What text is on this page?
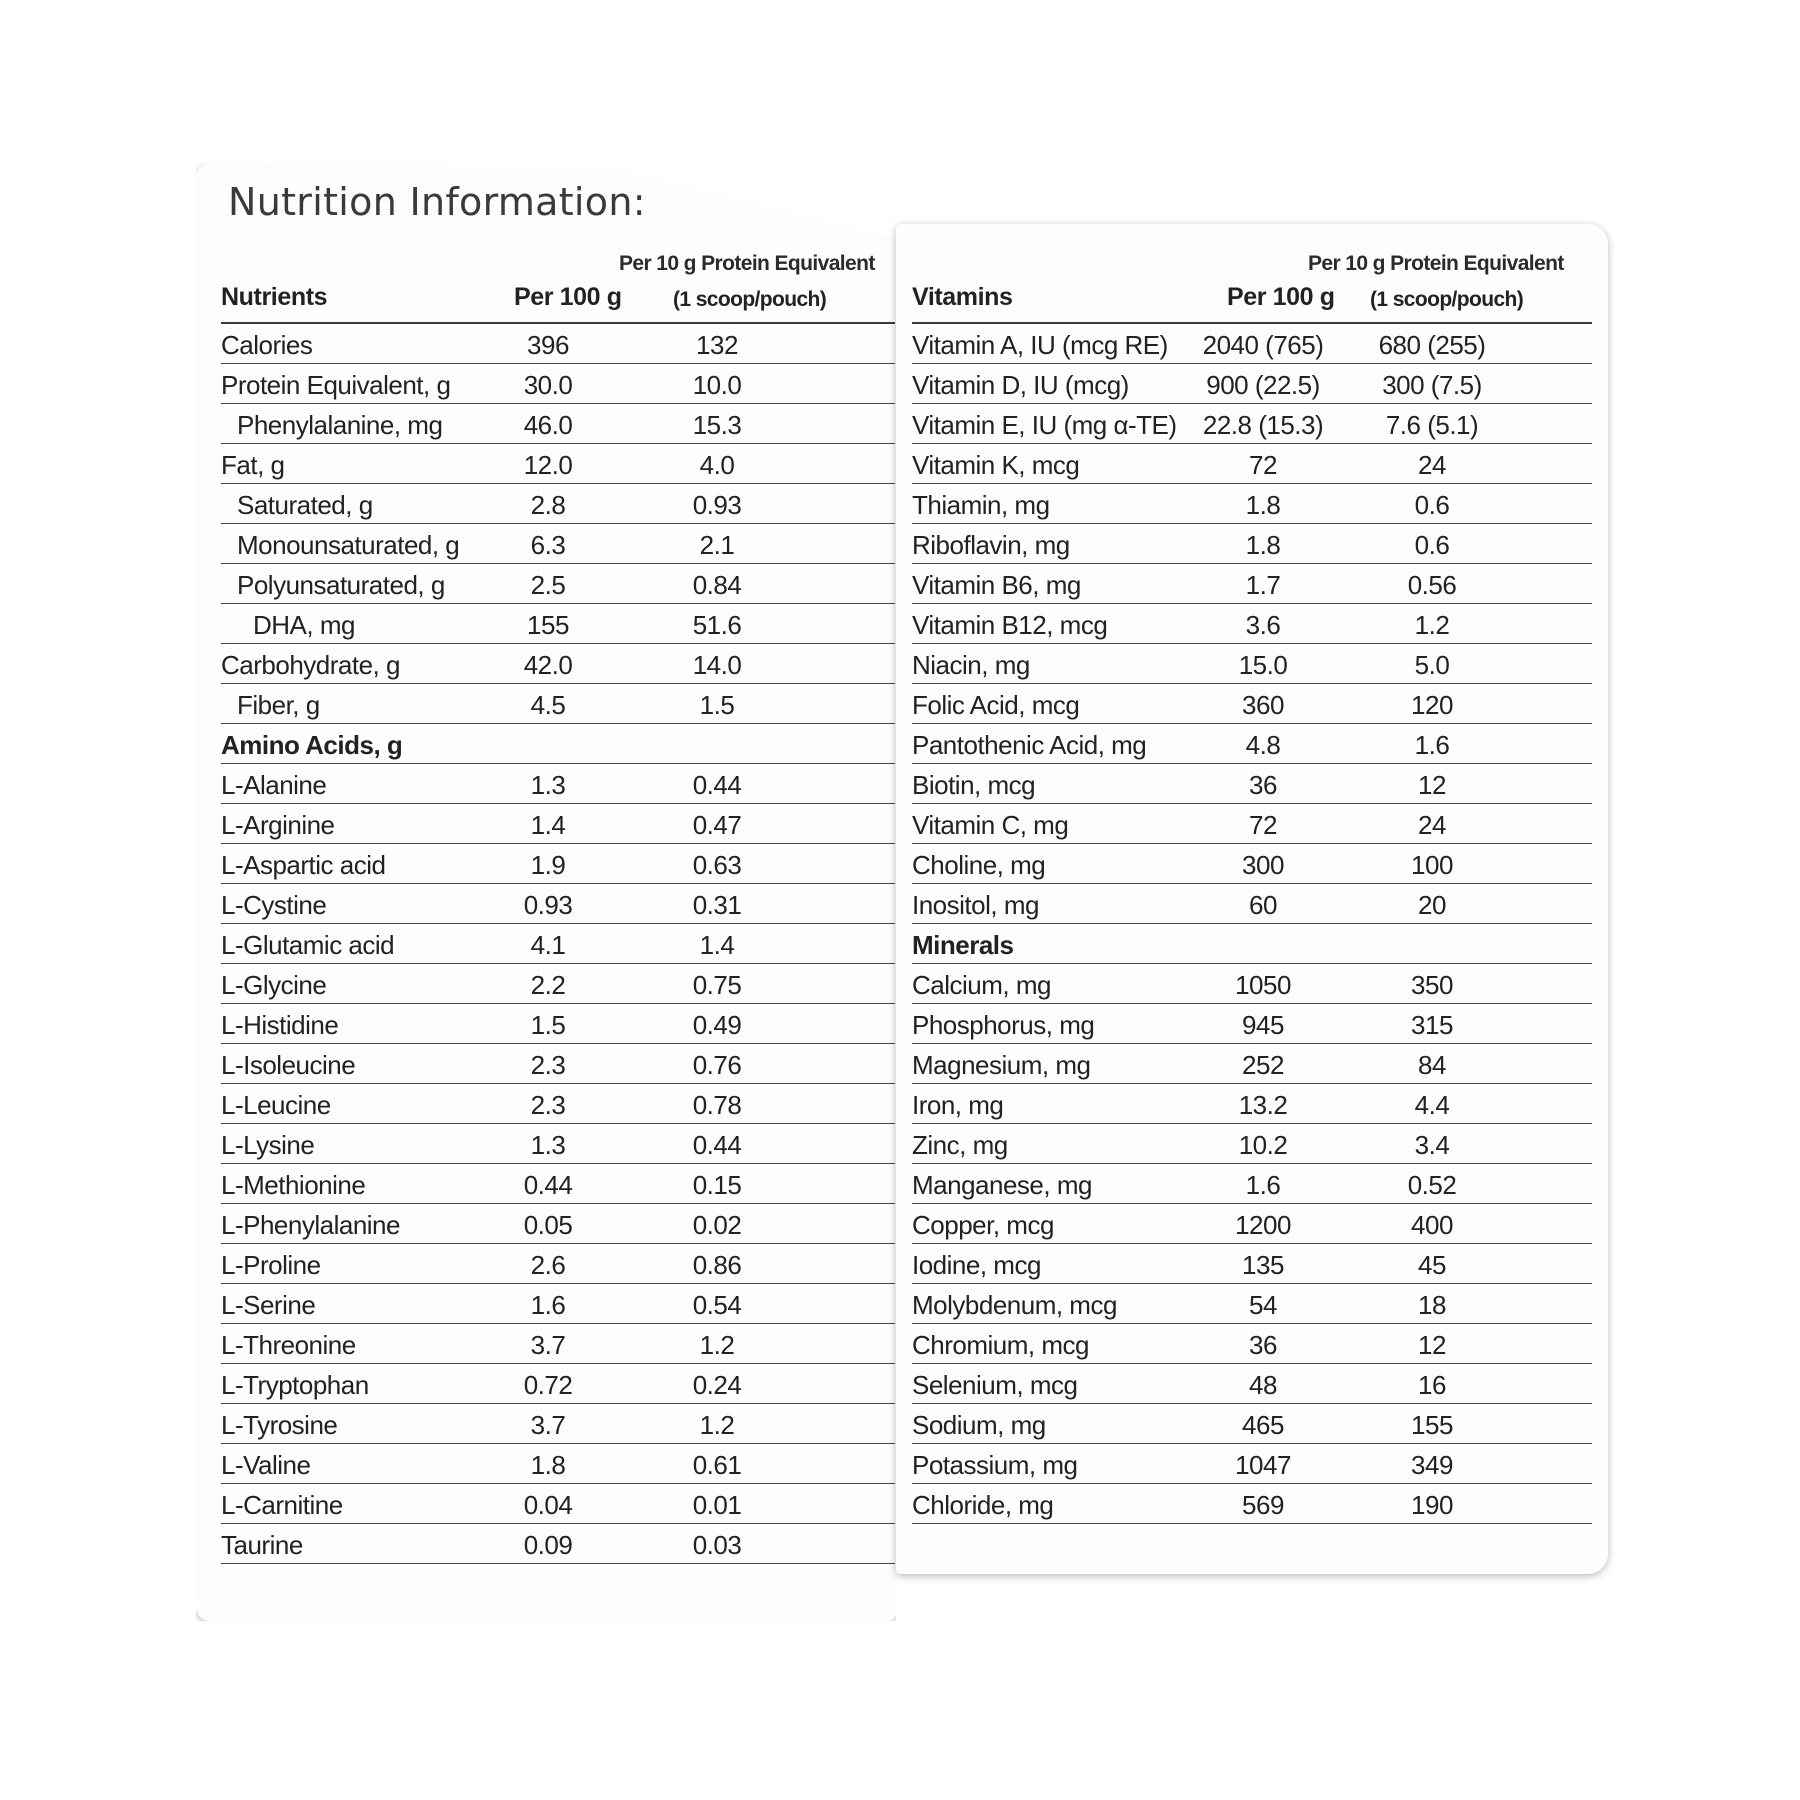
Nutrition Information:
Per 10 g Protein Equivalent
Nutrients	Per 100 g (1 scoop/pouch)
Calories	396	132
Protein Equivalent, g	30.0	10.0
Phenylalanine, mg	46.0	15.3
Fat, g	12.0	4.0
Saturated, g	2.8	0.93
Monounsaturated, g	6.3	2.1
Polyunsaturated, g	2.5	0.84
DHA, mg	155	51.6
Carbohydrate, g	42.0	14.0
Fiber, g	4.5	1.5
Amino Acids, g
L-Alanine	1.3	0.44
L-Arginine	1.4	0.47
L-Aspartic acid	1.9	0.63
L-Cystine	0.93	0.31
L-Glutamic acid	4.1	1.4
L-Glycine	2.2	0.75
L-Histidine	1.5	0.49
L-Isoleucine	2.3	0.76
L-Leucine	2.3	0.78
L-Lysine	1.3	0.44
L-Methionine	0.44	0.15
L-Phenylalanine	0.05	0.02
L-Proline	2.6	0.86
L-Serine	1.6	0.54
L-Threonine	3.7	1.2
L-Tryptophan	0.72	0.24
L-Tyrosine	3.7	1.2
L-Valine	1.8	0.61
L-Carnitine	0.04	0.01
Taurine	0.09	0.03
Per 10 g Protein Equivalent
Vitamins	Per 100 g (1 scoop/pouch)
Vitamin A, IU (mcg RE)	2040 (765)	680 (255)
Vitamin D, IU (mcg)	900 (22.5)	300 (7.5)
Vitamin E, IU (mg α-TE)	22.8 (15.3)	7.6 (5.1)
Vitamin K, mcg	72	24
Thiamin, mg	1.8	0.6
Riboflavin, mg	1.8	0.6
Vitamin B6, mg	1.7	0.56
Vitamin B12, mcg	3.6	1.2
Niacin, mg	15.0	5.0
Folic Acid, mcg	360	120
Pantothenic Acid, mg	4.8	1.6
Biotin, mcg	36	12
Vitamin C, mg	72	24
Choline, mg	300	100
Inositol, mg	60	20
Minerals
Calcium, mg	1050	350
Phosphorus, mg	945	315
Magnesium, mg	252	84
Iron, mg	13.2	4.4
Zinc, mg	10.2	3.4
Manganese, mg	1.6	0.52
Copper, mcg	1200	400
Iodine, mcg	135	45
Molybdenum, mcg	54	18
Chromium, mcg	36	12
Selenium, mcg	48	16
Sodium, mg	465	155
Potassium, mg	1047	349
Chloride, mg	569	190
